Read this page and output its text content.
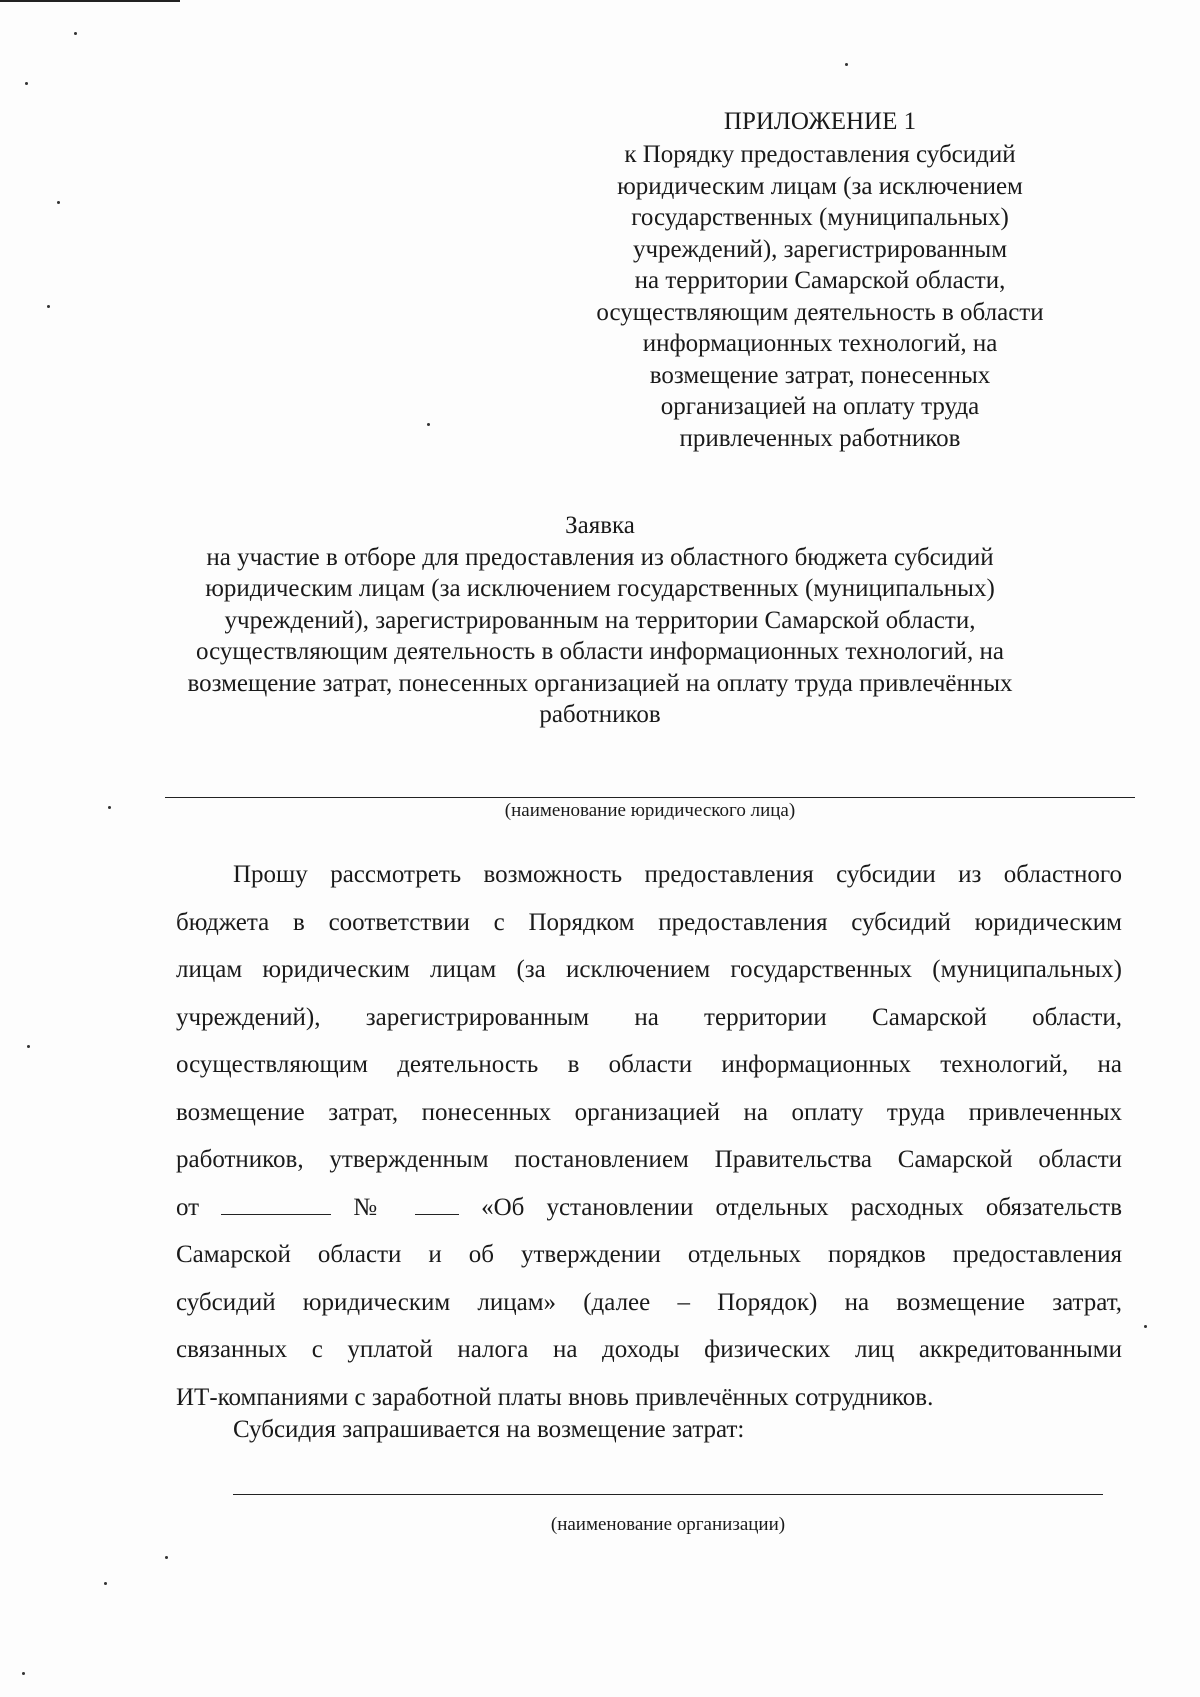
ПРИЛОЖЕНИЕ 1
к Порядку предоставления субсидий
юридическим лицам (за исключением
государственных (муниципальных)
учреждений), зарегистрированным
на территории Самарской области,
осуществляющим деятельность в области
информационных технологий, на
возмещение затрат, понесенных
организацией на оплату труда
привлеченных работников
Заявка
на участие в отборе для предоставления из областного бюджета субсидий
юридическим лицам (за исключением государственных (муниципальных)
учреждений), зарегистрированным на территории Самарской области,
осуществляющим деятельность в области информационных технологий, на
возмещение затрат, понесенных организацией на оплату труда привлечённых
работников
(наименование юридического лица)
Прошу рассмотреть возможность предоставления субсидии из областного
бюджета в соответствии с Порядком предоставления субсидий юридическим
лицам юридическим лицам (за исключением государственных (муниципальных)
учреждений), зарегистрированным на территории Самарской области,
осуществляющим деятельность в области информационных технологий, на
возмещение затрат, понесенных организацией на оплату труда привлеченных
работников, утвержденным постановлением Правительства Самарской области
от	№	«Об установлении отдельных расходных обязательств
Самарской области и об утверждении отдельных порядков предоставления
субсидий юридическим лицам» (далее – Порядок) на возмещение затрат,
связанных с уплатой налога на доходы физических лиц аккредитованными
ИТ-компаниями с заработной платы вновь привлечённых сотрудников.
Субсидия запрашивается на возмещение затрат:
(наименование организации)
